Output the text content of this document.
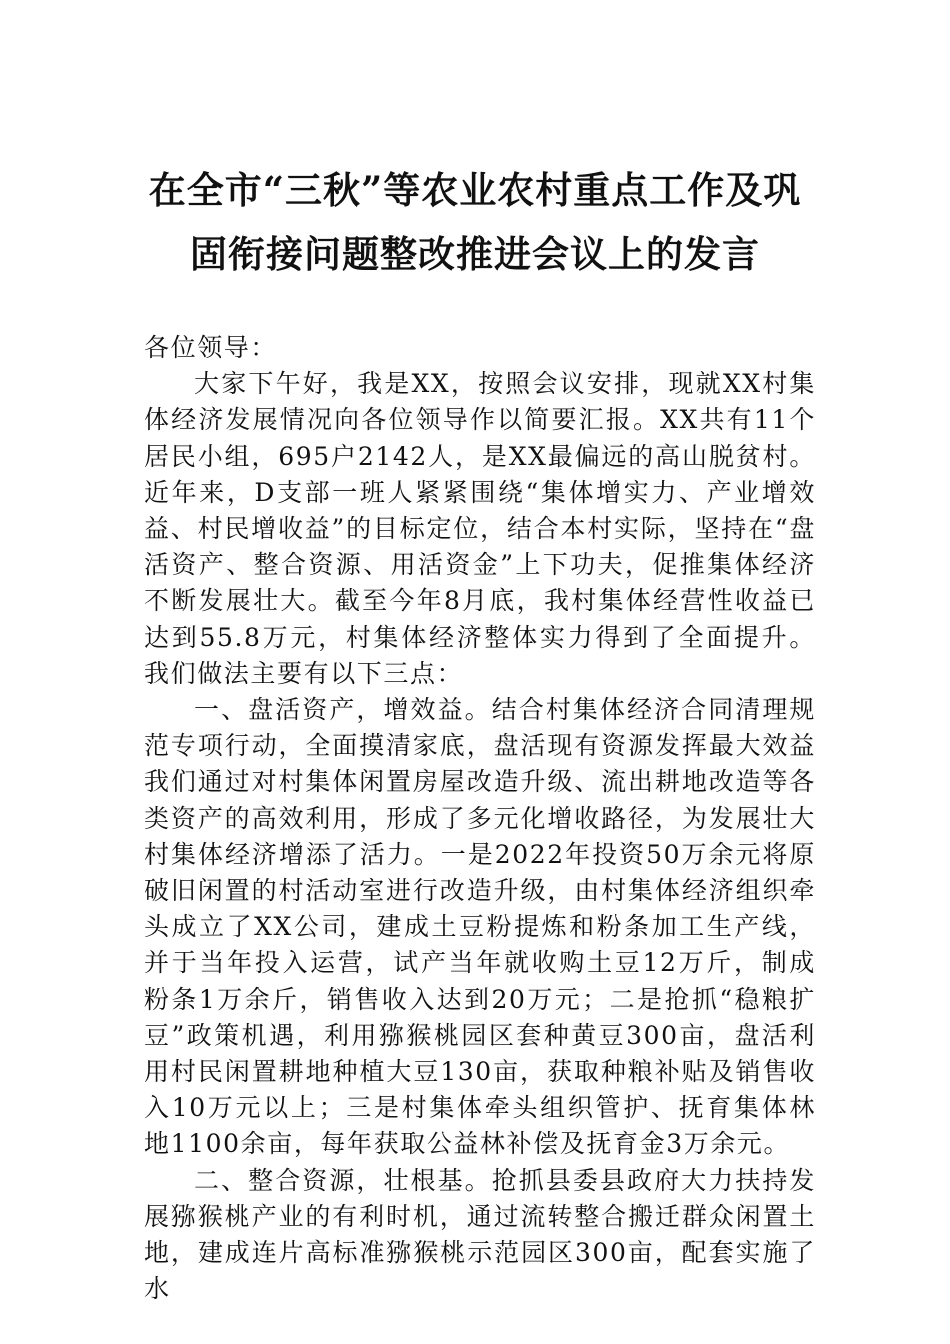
在全市“三秋”等农业农村重点工作及巩固衔接问题整改推进会议上的发言

各位领导：

大家下午好，我是XX，按照会议安排，现就XX村集体经济发展情况向各位领导作以简要汇报。XX共有11个居民小组，695户2142人，是XX最偏远的高山脱贫村。近年来，D支部一班人紧紧围绕“集体增实力、产业增效益、村民增收益”的目标定位，结合本村实际，坚持在“盘活资产、整合资源、用活资金”上下功夫，促推集体经济不断发展壮大。截至今年8月底，我村集体经营性收益已达到55.8万元，村集体经济整体实力得到了全面提升。我们做法主要有以下三点：

一、盘活资产，增效益。结合村集体经济合同清理规范专项行动，全面摸清家底，盘活现有资源发挥最大效益我们通过对村集体闲置房屋改造升级、流出耕地改造等各类资产的高效利用，形成了多元化增收路径，为发展壮大村集体经济增添了活力。一是2022年投资50万余元将原破旧闲置的村活动室进行改造升级，由村集体经济组织牵头成立了XX公司，建成土豆粉提炼和粉条加工生产线，并于当年投入运营，试产当年就收购土豆12万斤，制成粉条1万余斤，销售收入达到20万元；二是抢抓“稳粮扩豆”政策机遇，利用猕猴桃园区套种黄豆300亩，盘活利用村民闲置耕地种植大豆130亩，获取种粮补贴及销售收入10万元以上；三是村集体牵头组织管护、抚育集体林地1100余亩，每年获取公益林补偿及抚育金3万余元。

二、整合资源，壮根基。抢抓县委县政府大力扶持发展猕猴桃产业的有利时机，通过流转整合搬迁群众闲置土地，建成连片高标准猕猴桃示范园区300亩，配套实施了水
